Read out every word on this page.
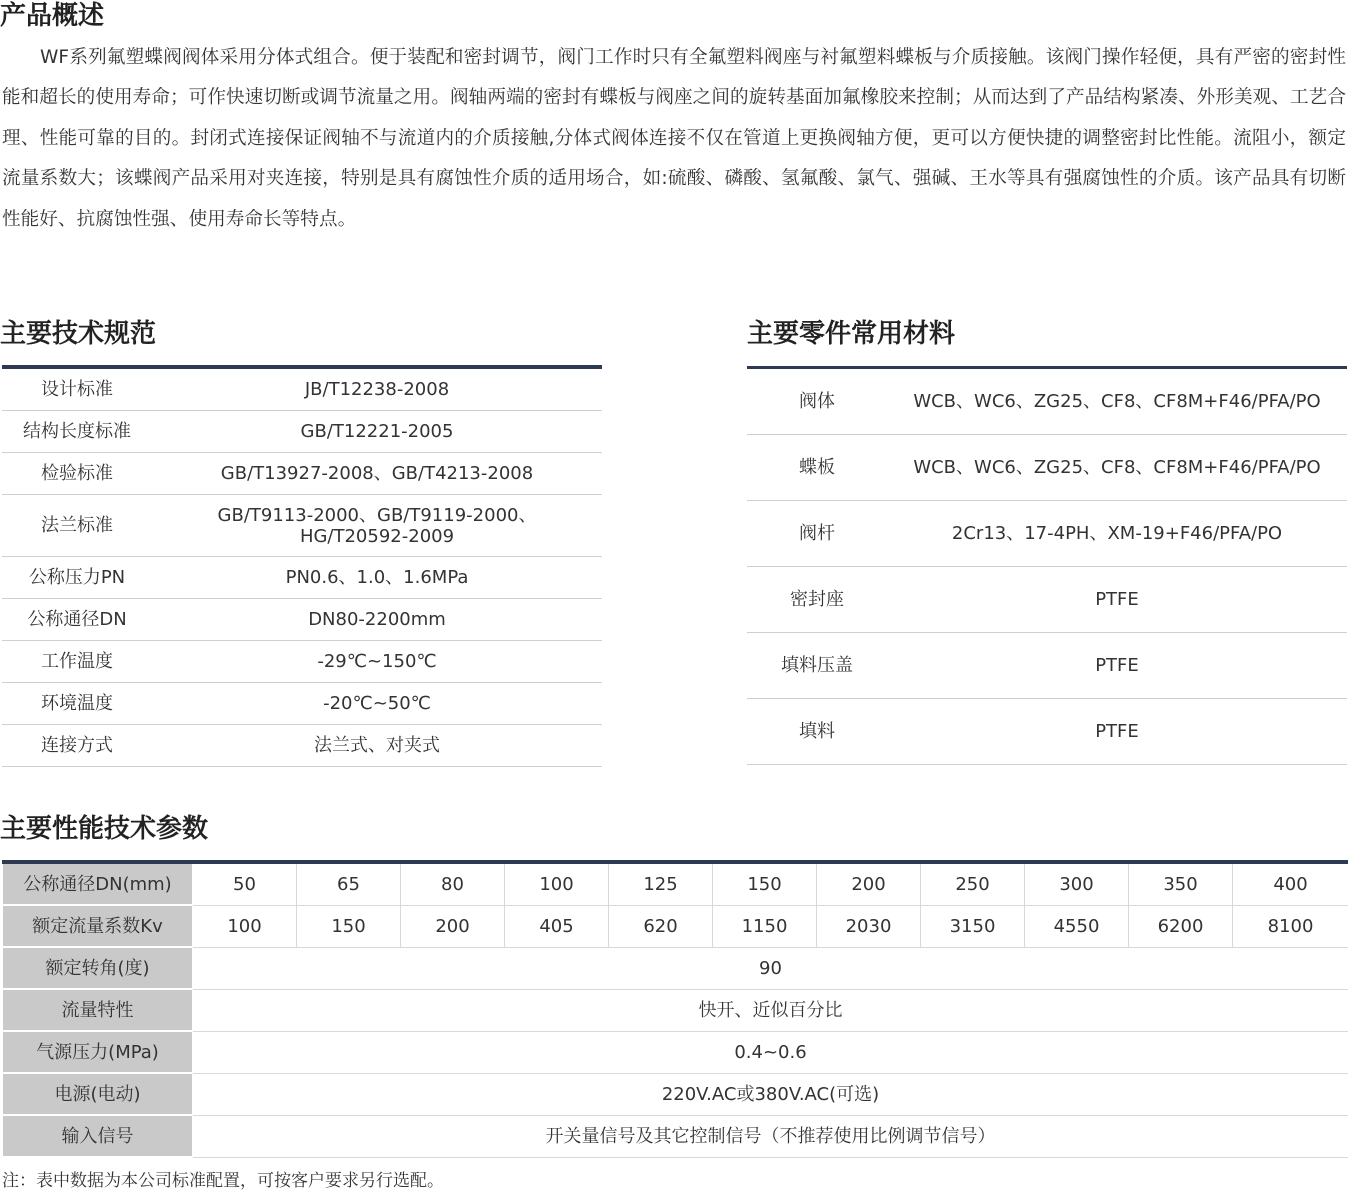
产品概述

WF系列氟塑蝶阀阀体采用分体式组合。便于装配和密封调节，阀门工作时只有全氟塑料阀座与衬氟塑料蝶板与介质接触。该阀门操作轻便，具有严密的密封性能和超长的使用寿命；可作快速切断或调节流量之用。阀轴两端的密封有蝶板与阀座之间的旋转基面加氟橡胶来控制；从而达到了产品结构紧凑、外形美观、工艺合理、性能可靠的目的。封闭式连接保证阀轴不与流道内的介质接触,分体式阀体连接不仅在管道上更换阀轴方便，更可以方便快捷的调整密封比性能。流阻小，额定流量系数大；该蝶阀产品采用对夹连接，特别是具有腐蚀性介质的适用场合，如:硫酸、磷酸、氢氟酸、氯气、强碱、王水等具有强腐蚀性的介质。该产品具有切断性能好、抗腐蚀性强、使用寿命长等特点。

主要技术规范
设计标准	JB/T12238-2008
结构长度标准	GB/T12221-2005
检验标准	GB/T13927-2008、GB/T4213-2008
法兰标准	GB/T9113-2000、GB/T9119-2000、
HG/T20592-2009
公称压力PN	PN0.6、1.0、1.6MPa
公称通径DN	DN80-2200mm
工作温度	-29℃~150℃
环境温度	-20℃~50℃
连接方式	法兰式、对夹式
主要零件常用材料
阀体	WCB、WC6、ZG25、CF8、CF8M+F46/PFA/PO
蝶板	WCB、WC6、ZG25、CF8、CF8M+F46/PFA/PO
阀杆	2Cr13、17-4PH、XM-19+F46/PFA/PO
密封座	PTFE
填料压盖	PTFE
填料	PTFE
主要性能技术参数
公称通径DN(mm)	50	65	80	100	125	150	200	250	300	350	400
额定流量系数Kv	100	150	200	405	620	1150	2030	3150	4550	6200	8100
额定转角(度)	90										
流量特性	快开、近似百分比										
气源压力(MPa)	0.4~0.6										
电源(电动)	220V.AC或380V.AC(可选)										
输入信号	开关量信号及其它控制信号（不推荐使用比例调节信号）										

注：表中数据为本公司标准配置，可按客户要求另行选配。
